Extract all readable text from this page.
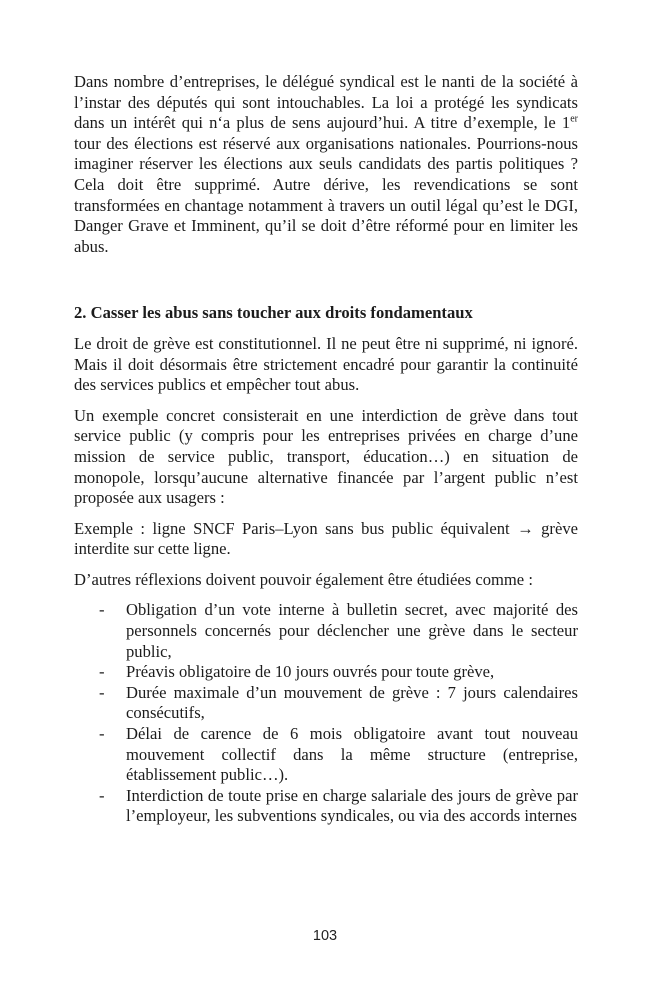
Dans nombre d’entreprises, le délégué syndical est le nanti de la société à l’instar des députés qui sont intouchables. La loi a protégé les syndicats dans un intérêt qui n‘a plus de sens aujourd’hui. A titre d’exemple, le 1er tour des élections est réservé aux organisations nationales. Pourrions-nous imaginer réserver les élections aux seuls candidats des partis politiques ? Cela doit être supprimé. Autre dérive, les revendications se sont transformées en chantage notamment à travers un outil légal qu’est le DGI, Danger Grave et Imminent, qu’il se doit d’être réformé pour en limiter les abus.

2. Casser les abus sans toucher aux droits fondamentaux

Le droit de grève est constitutionnel. Il ne peut être ni supprimé, ni ignoré. Mais il doit désormais être strictement encadré pour garantir la continuité des services publics et empêcher tout abus.

Un exemple concret consisterait en une interdiction de grève dans tout service public (y compris pour les entreprises privées en charge d’une mission de service public, transport, éducation…) en situation de monopole, lorsqu’aucune alternative financée par l’argent public n’est proposée aux usagers :

Exemple : ligne SNCF Paris–Lyon sans bus public équivalent → grève interdite sur cette ligne.

D’autres réflexions doivent pouvoir également être étudiées comme :

- Obligation d’un vote interne à bulletin secret, avec majorité des personnels concernés pour déclencher une grève dans le secteur public,
- Préavis obligatoire de 10 jours ouvrés pour toute grève,
- Durée maximale d’un mouvement de grève : 7 jours calendaires consécutifs,
- Délai de carence de 6 mois obligatoire avant tout nouveau mouvement collectif dans la même structure (entreprise, établissement public…).
- Interdiction de toute prise en charge salariale des jours de grève par l’employeur, les subventions syndicales, ou via des accords internes
103
